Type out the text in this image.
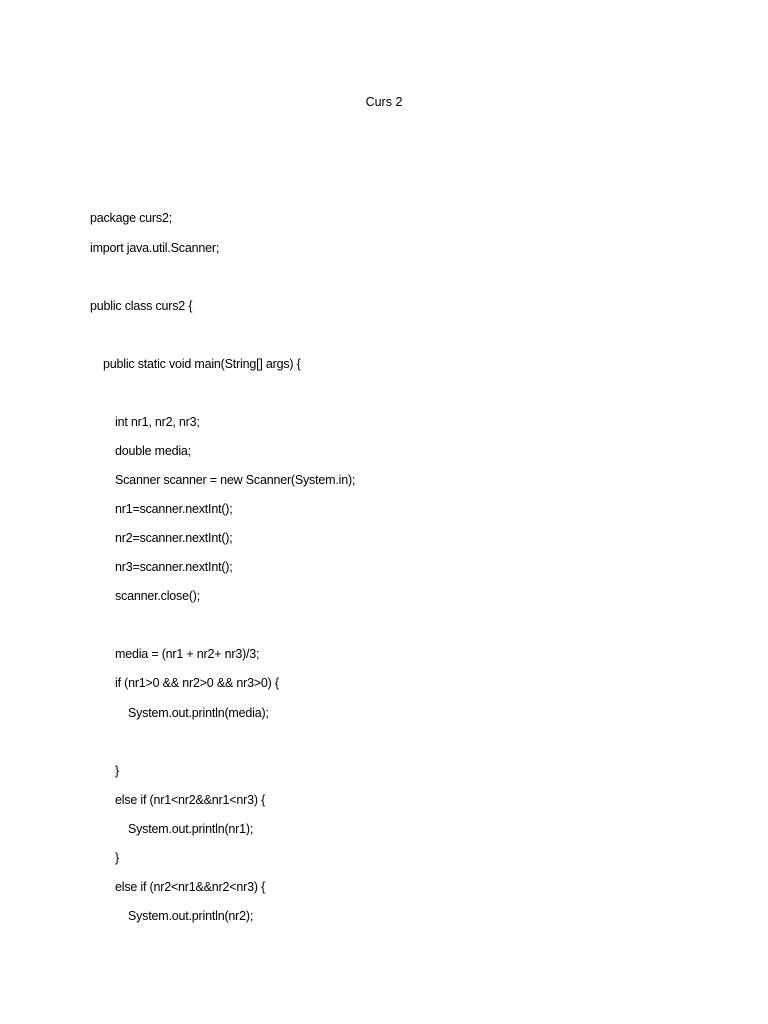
Curs 2
package curs2;
import java.util.Scanner;
public class curs2 {
public static void main(String[] args) {
int nr1, nr2, nr3;
double media;
Scanner scanner = new Scanner(System.in);
nr1=scanner.nextInt();
nr2=scanner.nextInt();
nr3=scanner.nextInt();
scanner.close();
media = (nr1 + nr2+ nr3)/3;
if (nr1>0 && nr2>0 && nr3>0) {
System.out.println(media);
}
else if (nr1<nr2&&nr1<nr3) {
System.out.println(nr1);
}
else if (nr2<nr1&&nr2<nr3) {
System.out.println(nr2);
